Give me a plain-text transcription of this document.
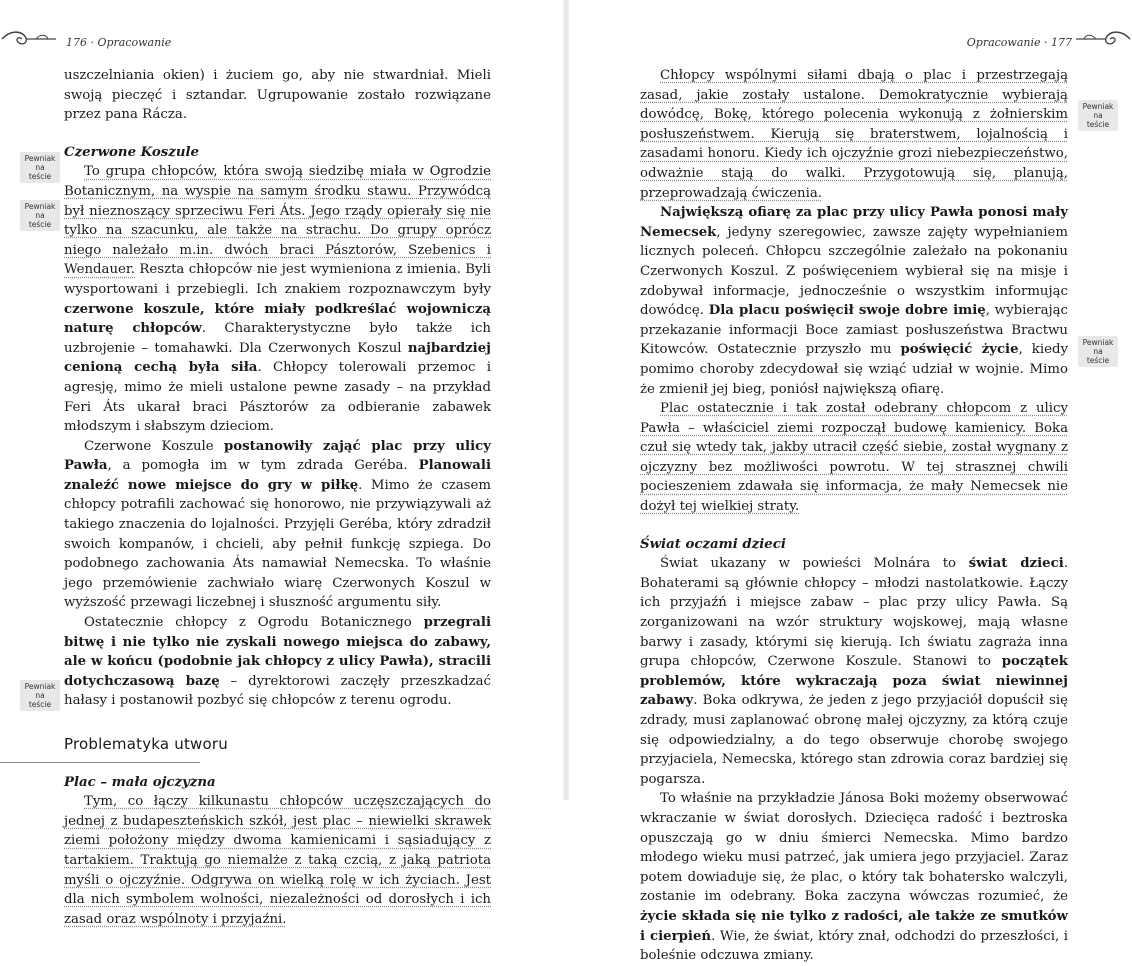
176 · Opracowanie
Pewniak na teście
Pewniak na teście
Pewniak na teście

uszczelniania okien) i żuciem go, aby nie stwardniał. Mieli swoją pieczęć i sztandar. Ugrupowanie zostało rozwiązane przez pana Rácza.

Czerwone Koszule

To grupa chłopców, która swoją siedzibę miała w Ogrodzie Botanicznym, na wyspie na samym środku stawu. Przywódcą był nieznoszący sprzeciwu Feri Áts. Jego rządy opierały się nie tylko na szacunku, ale także na strachu. Do grupy oprócz niego należało m.in. dwóch braci Pásztorów, Szebenics i Wendauer. Reszta chłopców nie jest wymieniona z imienia. Byli wysportowani i przebiegli. Ich znakiem rozpoznawczym były czerwone koszule, które miały podkreślać wojowniczą naturę chłopców. Charakterystyczne było także ich uzbrojenie – tomahawki. Dla Czerwonych Koszul najbardziej cenioną cechą była siła. Chłopcy tolerowali przemoc i agresję, mimo że mieli ustalone pewne zasady – na przykład Feri Áts ukarał braci Pásztorów za odbieranie zabawek młodszym i słabszym dzieciom.

Czerwone Koszule postanowiły zająć plac przy ulicy Pawła, a pomogła im w tym zdrada Geréba. Planowali znaleźć nowe miejsce do gry w piłkę. Mimo że czasem chłopcy potrafili zachować się honorowo, nie przywiązywali aż takiego znaczenia do lojalności. Przyjęli Geréba, który zdradził swoich kompanów, i chcieli, aby pełnił funkcję szpiega. Do podobnego zachowania Áts namawiał Nemecska. To właśnie jego przemówienie zachwiało wiarę Czerwonych Koszul w wyższość przewagi liczebnej i słuszność argumentu siły.

Ostatecznie chłopcy z Ogrodu Botanicznego przegrali bitwę i nie tylko nie zyskali nowego miejsca do zabawy, ale w końcu (podobnie jak chłopcy z ulicy Pawła), stracili dotychczasową bazę – dyrektorowi zaczęły przeszkadzać hałasy i postanowił pozbyć się chłopców z terenu ogrodu.

Problematyka utworu

Plac – mała ojczyzna

Tym, co łączy kilkunastu chłopców uczęszczających do jednej z budapeszteńskich szkół, jest plac – niewielki skrawek ziemi położony między dwoma kamienicami i sąsiadujący z tartakiem. Traktują go niemalże z taką czcią, z jaką patriota myśli o ojczyźnie. Odgrywa on wielką rolę w ich życiach. Jest dla nich symbolem wolności, niezależności od dorosłych i ich zasad oraz wspólnoty i przyjaźni.

Opracowanie · 177
Pewniak na teście
Pewniak na teście

Chłopcy wspólnymi siłami dbają o plac i przestrzegają zasad, jakie zostały ustalone. Demokratycznie wybierają dowódcę, Bokę, którego polecenia wykonują z żołnierskim posłuszeństwem. Kierują się braterstwem, lojalnością i zasadami honoru. Kiedy ich ojczyźnie grozi niebezpieczeństwo, odważnie stają do walki. Przygotowują się, planują, przeprowadzają ćwiczenia.

Największą ofiarę za plac przy ulicy Pawła ponosi mały Nemecsek, jedyny szeregowiec, zawsze zajęty wypełnianiem licznych poleceń. Chłopcu szczególnie zależało na pokonaniu Czerwonych Koszul. Z poświęceniem wybierał się na misje i zdobywał informacje, jednocześnie o wszystkim informując dowódcę. Dla placu poświęcił swoje dobre imię, wybierając przekazanie informacji Boce zamiast posłuszeństwa Bractwu Kitowców. Ostatecznie przyszło mu poświęcić życie, kiedy pomimo choroby zdecydował się wziąć udział w wojnie. Mimo że zmienił jej bieg, poniósł największą ofiarę.

Plac ostatecznie i tak został odebrany chłopcom z ulicy Pawła – właściciel ziemi rozpoczął budowę kamienicy. Boka czuł się wtedy tak, jakby utracił część siebie, został wygnany z ojczyzny bez możliwości powrotu. W tej strasznej chwili pocieszeniem zdawała się informacja, że mały Nemecsek nie dożył tej wielkiej straty.

Świat oczami dzieci

Świat ukazany w powieści Molnára to świat dzieci. Bohaterami są głównie chłopcy – młodzi nastolatkowie. Łączy ich przyjaźń i miejsce zabaw – plac przy ulicy Pawła. Są zorganizowani na wzór struktury wojskowej, mają własne barwy i zasady, którymi się kierują. Ich światu zagraża inna grupa chłopców, Czerwone Koszule. Stanowi to początek problemów, które wykraczają poza świat niewinnej zabawy. Boka odkrywa, że jeden z jego przyjaciół dopuścił się zdrady, musi zaplanować obronę małej ojczyzny, za którą czuje się odpowiedzialny, a do tego obserwuje chorobę swojego przyjaciela, Nemecska, którego stan zdrowia coraz bardziej się pogarsza.

To właśnie na przykładzie Jánosa Boki możemy obserwować wkraczanie w świat dorosłych. Dziecięca radość i beztroska opuszczają go w dniu śmierci Nemecska. Mimo bardzo młodego wieku musi patrzeć, jak umiera jego przyjaciel. Zaraz potem dowiaduje się, że plac, o który tak bohatersko walczyli, zostanie im odebrany. Boka zaczyna wówczas rozumieć, że życie składa się nie tylko z radości, ale także ze smutków i cierpień. Wie, że świat, który znał, odchodzi do przeszłości, i boleśnie odczuwa zmiany.
